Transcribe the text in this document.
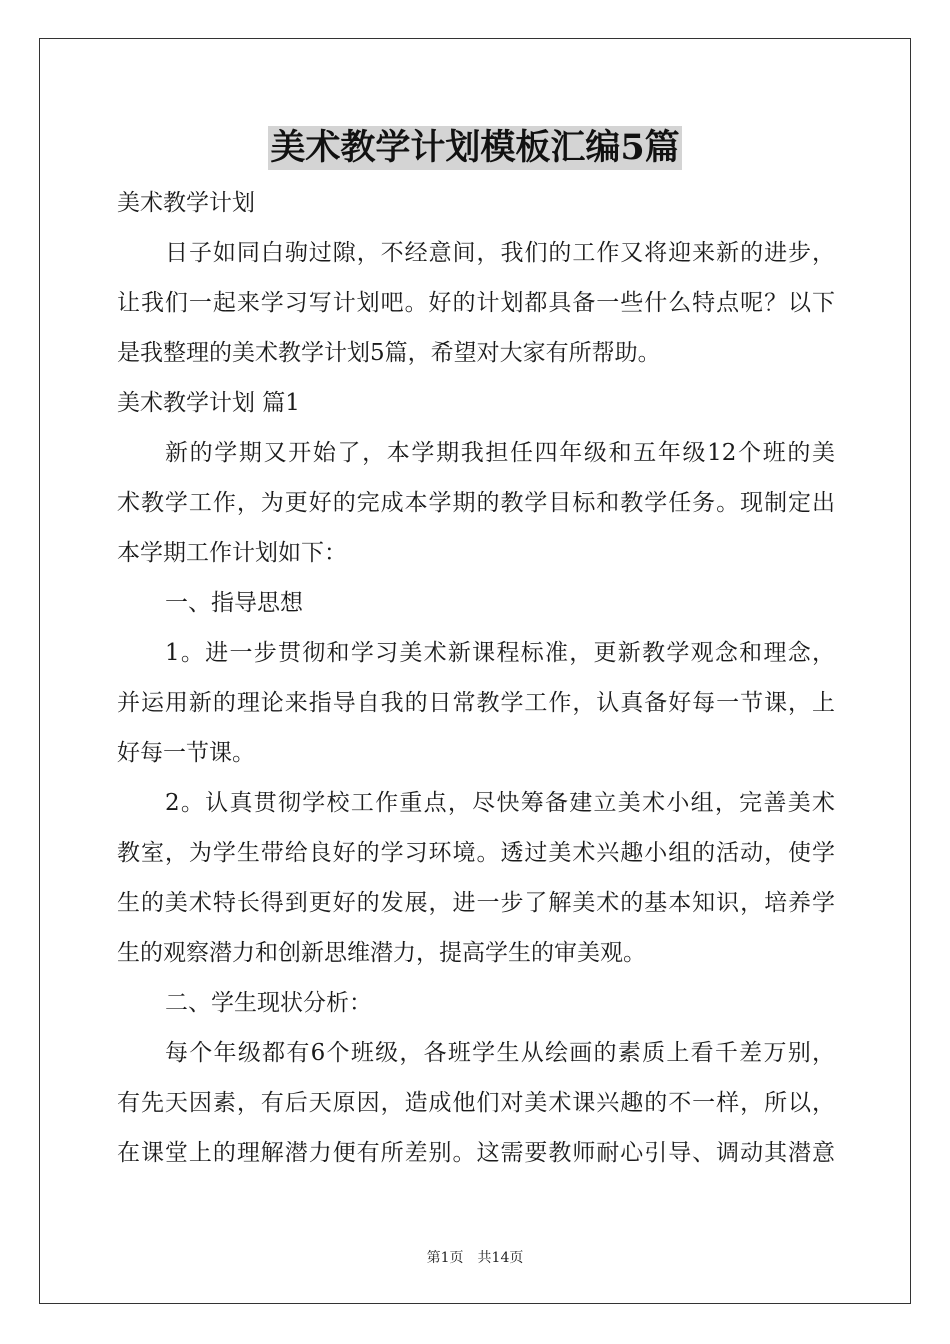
美术教学计划模板汇编5篇
美术教学计划
日子如同白驹过隙，不经意间，我们的工作又将迎来新的进步，
让我们一起来学习写计划吧。好的计划都具备一些什么特点呢？以下
是我整理的美术教学计划5篇，希望对大家有所帮助。
美术教学计划 篇1
新的学期又开始了，本学期我担任四年级和五年级12个班的美
术教学工作，为更好的完成本学期的教学目标和教学任务。现制定出
本学期工作计划如下：
一、指导思想
1。进一步贯彻和学习美术新课程标准，更新教学观念和理念，
并运用新的理论来指导自我的日常教学工作，认真备好每一节课，上
好每一节课。
2。认真贯彻学校工作重点，尽快筹备建立美术小组，完善美术
教室，为学生带给良好的学习环境。透过美术兴趣小组的活动，使学
生的美术特长得到更好的发展，进一步了解美术的基本知识，培养学
生的观察潜力和创新思维潜力，提高学生的审美观。
二、学生现状分析：
每个年级都有6个班级，各班学生从绘画的素质上看千差万别，
有先天因素，有后天原因，造成他们对美术课兴趣的不一样，所以，
在课堂上的理解潜力便有所差别。这需要教师耐心引导、调动其潜意
第1页　共14页
